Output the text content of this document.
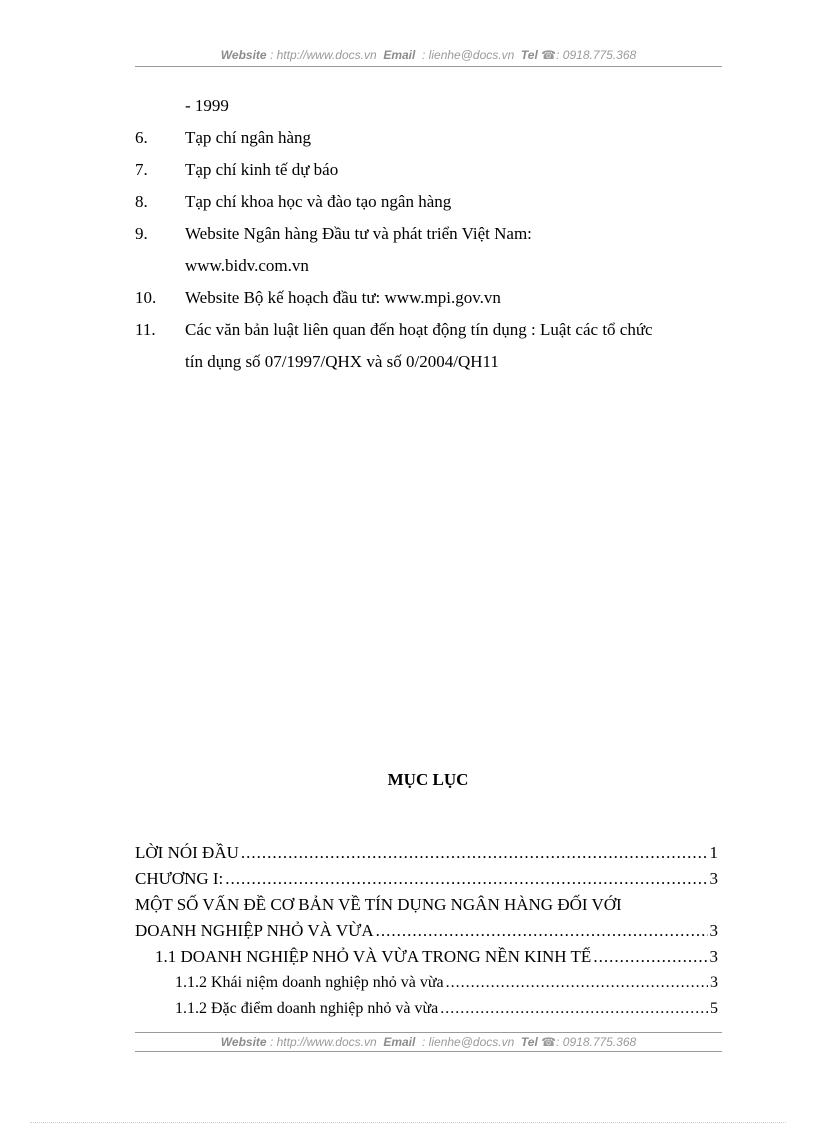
Website : http://www.docs.vn Email : lienhe@docs.vn Tel ☎: 0918.775.368
- 1999
6. Tạp chí ngân hàng
7. Tạp chí kinh tế dự báo
8. Tạp chí khoa học và đào tạo ngân hàng
9. Website Ngân hàng Đầu tư và phát triển Việt Nam:
www.bidv.com.vn
10. Website Bộ kế hoạch đầu tư: www.mpi.gov.vn
11. Các văn bản luật liên quan đến hoạt động tín dụng : Luật các tổ chức
tín dụng số 07/1997/QHX và số 0/2004/QH11
MỤC LỤC
LỜI NÓI ĐẦU .....	1
CHƯƠNG I: .....	3
MỘT SỐ VẤN ĐỀ CƠ BẢN VỀ TÍN DỤNG NGÂN HÀNG ĐỐI VỚI
DOANH NGHIỆP NHỎ VÀ VỪA .....	3
1.1 DOANH NGHIỆP NHỎ VÀ VỪA TRONG NỀN KINH TẾ .....	3
1.1.2 Khái niệm doanh nghiệp nhỏ và vừa .....	3
1.1.2 Đặc điểm doanh nghiệp nhỏ và vừa .....	5
Website : http://www.docs.vn Email : lienhe@docs.vn Tel ☎: 0918.775.368
